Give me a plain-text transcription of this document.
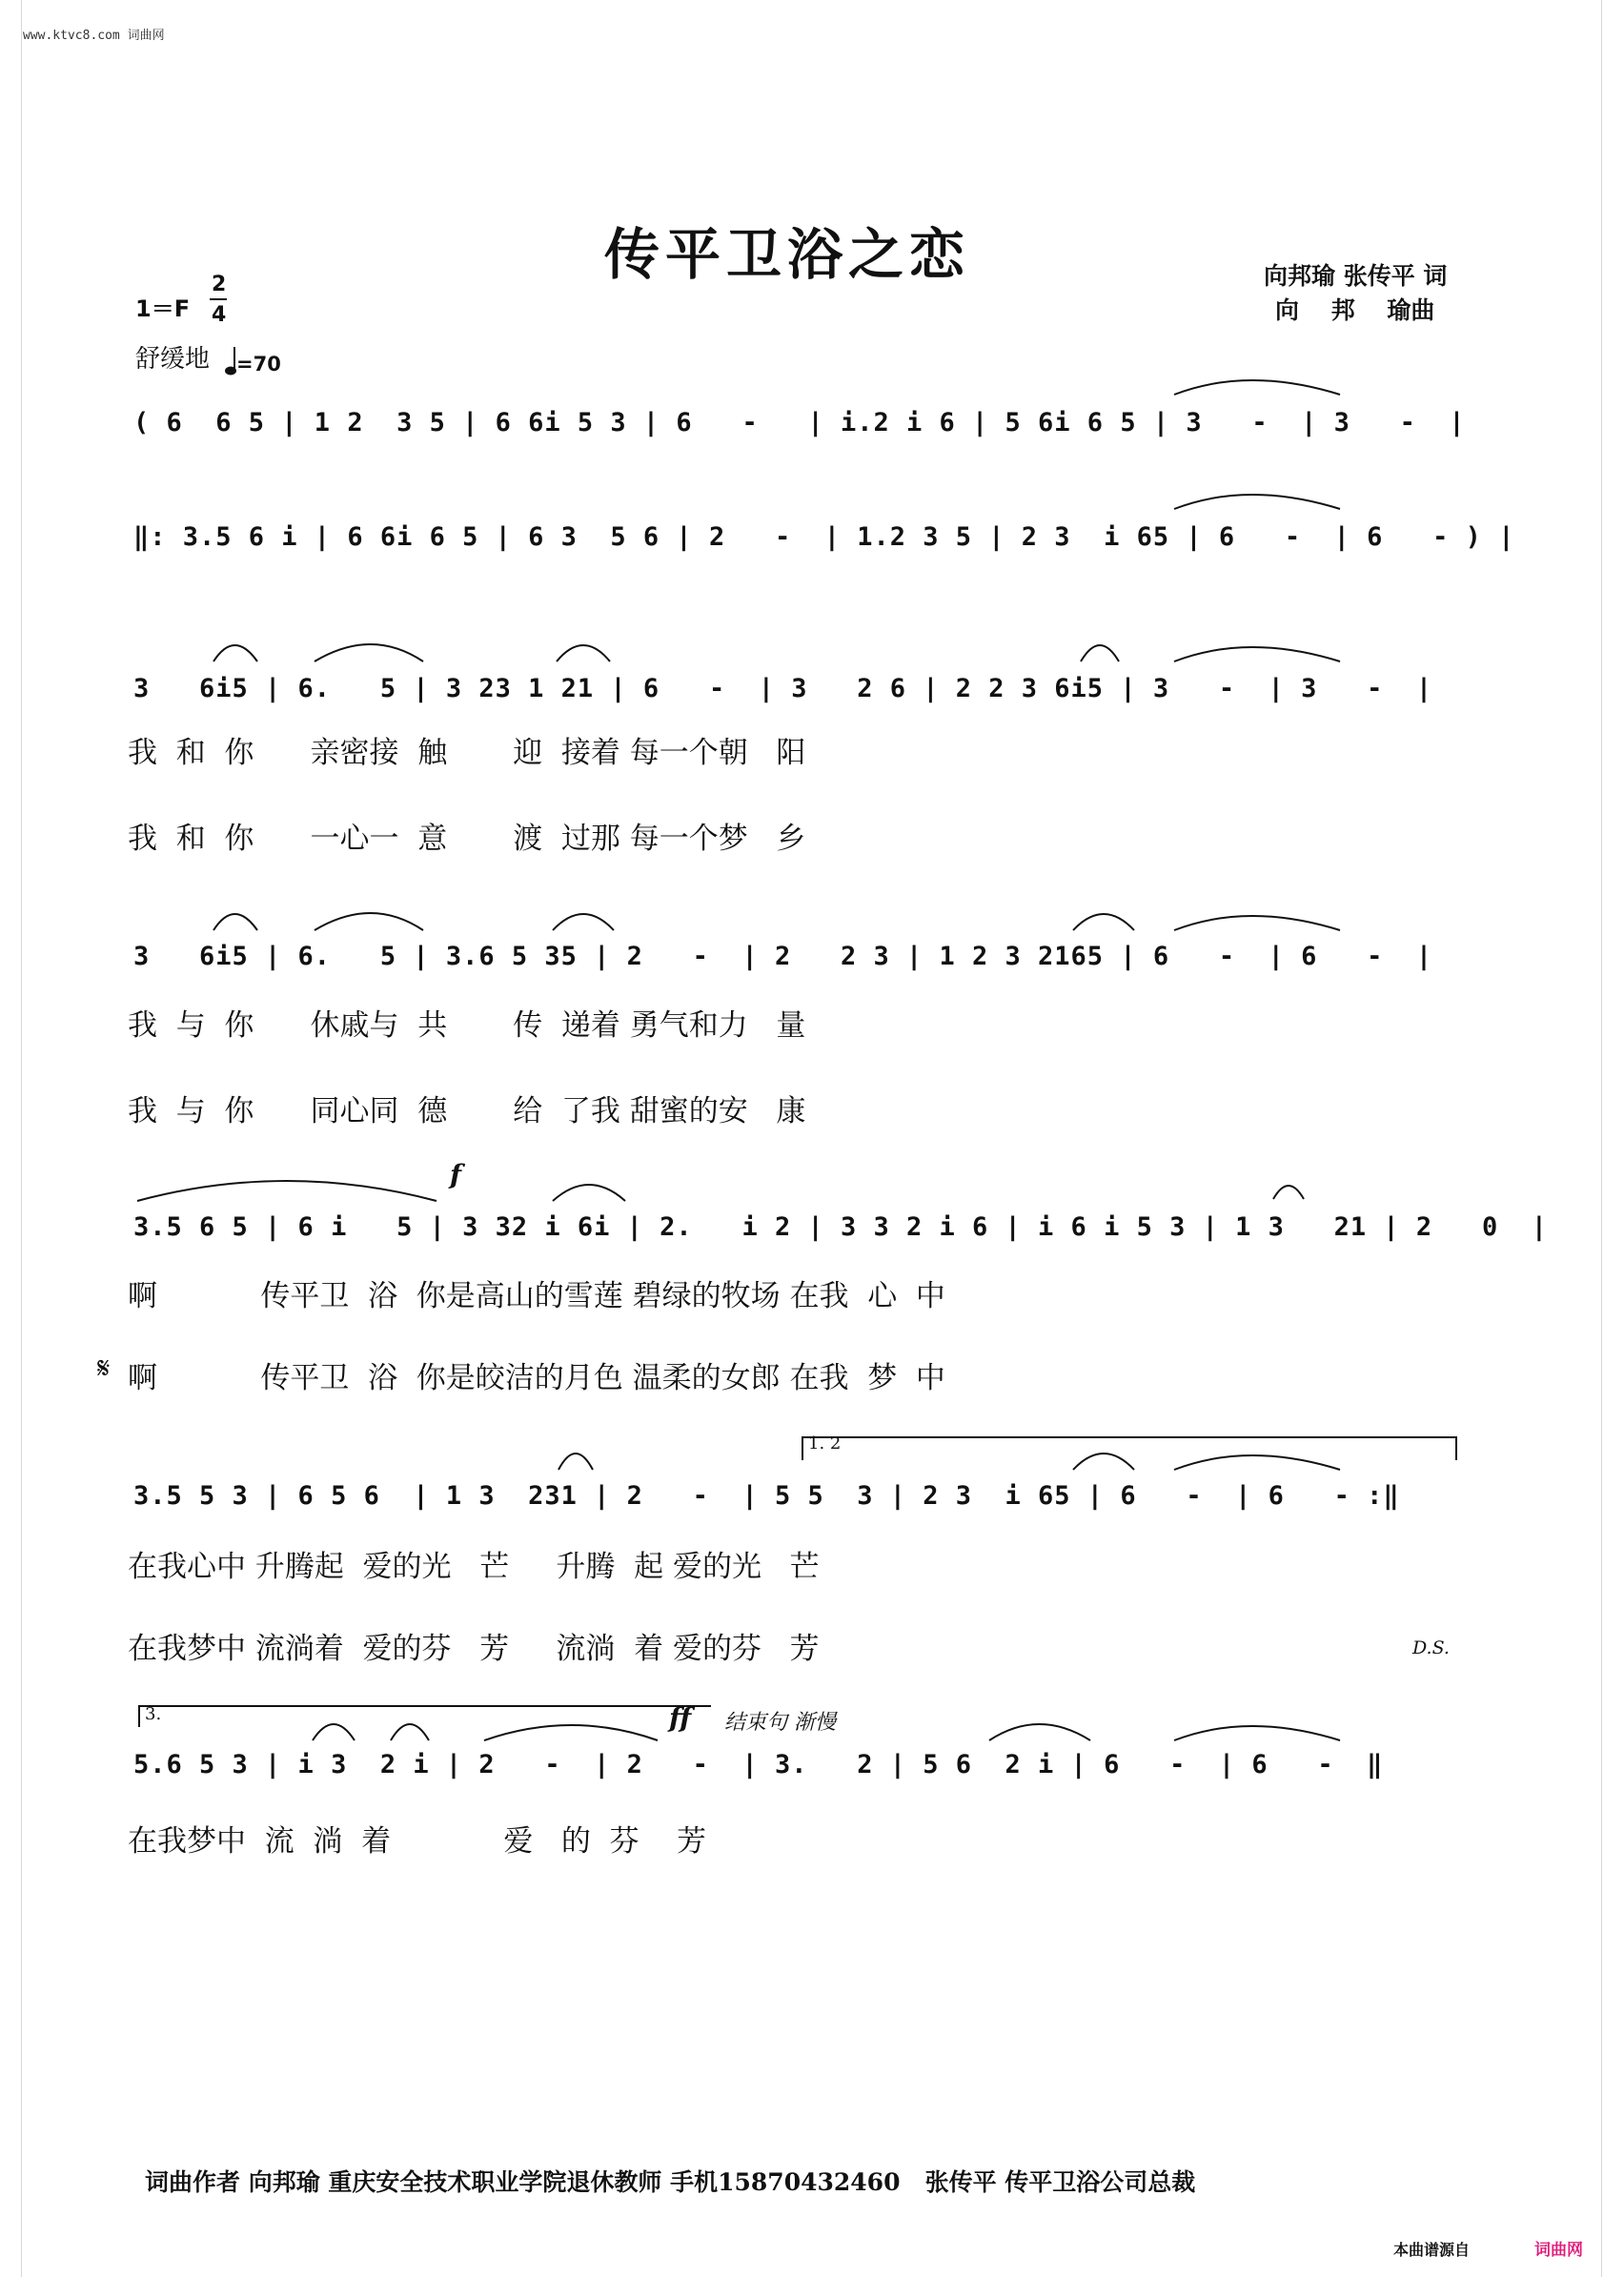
www.ktvc8.com 词曲网
传平卫浴之恋	向邦瑜 张传平 词
向　 邦　 瑜曲
1＝F
2
4
舒缓地 =70
( 6  6 5 | 1 2  3 5 | 6 6i 5 3 | 6   -   | i.2 i 6 | 5 6i 6 5 | 3   -  | 3   -  |
‖: 3.5 6 i | 6 6i 6 5 | 6 3  5 6 | 2   -  | 1.2 3 5 | 2 3  i 65 | 6   -  | 6   - ) |
3   6i5 | 6.   5 | 3 23 1 21 | 6   -  | 3   2 6 | 2 2 3 6i5 | 3   -  | 3   -  |
我  和  你      亲密接  触       迎  接着 每一个朝   阳
我  和  你      一心一  意       渡  过那 每一个梦   乡
3   6i5 | 6.   5 | 3.6 5 35 | 2   -  | 2   2 3 | 1 2 3 2165 | 6   -  | 6   -  |
我  与  你      休戚与  共       传  递着 勇气和力   量
我  与  你      同心同  德       给  了我 甜蜜的安   康
f
3.5 6 5 | 6 i   5 | 3 32 i 6i | 2.   i 2 | 3 3 2 i 6 | i 6 i 5 3 | 1 3   21 | 2   0  |
啊           传平卫  浴  你是高山的雪莲 碧绿的牧场 在我  心  中
𝄋 啊           传平卫  浴  你是皎洁的月色 温柔的女郎 在我  梦  中
1. 2
3.5 5 3 | 6 5 6  | 1 3  231 | 2   -  | 5 5  3 | 2 3  i 65 | 6   -  | 6   - :‖
在我心中 升腾起  爱的光   芒     升腾  起 爱的光   芒
在我梦中 流淌着  爱的芬   芳     流淌  着 爱的芬   芳	D.S.
3.	ff 结束句 渐慢
5.6 5 3 | i 3  2 i | 2   -  | 2   -  | 3.   2 | 5 6  2 i | 6   -  | 6   -  ‖
在我梦中  流  淌  着            爱   的  芬    芳
词曲作者 向邦瑜 重庆安全技术职业学院退休教师 手机15870432460   张传平 传平卫浴公司总裁
本曲谱源自	词曲网
